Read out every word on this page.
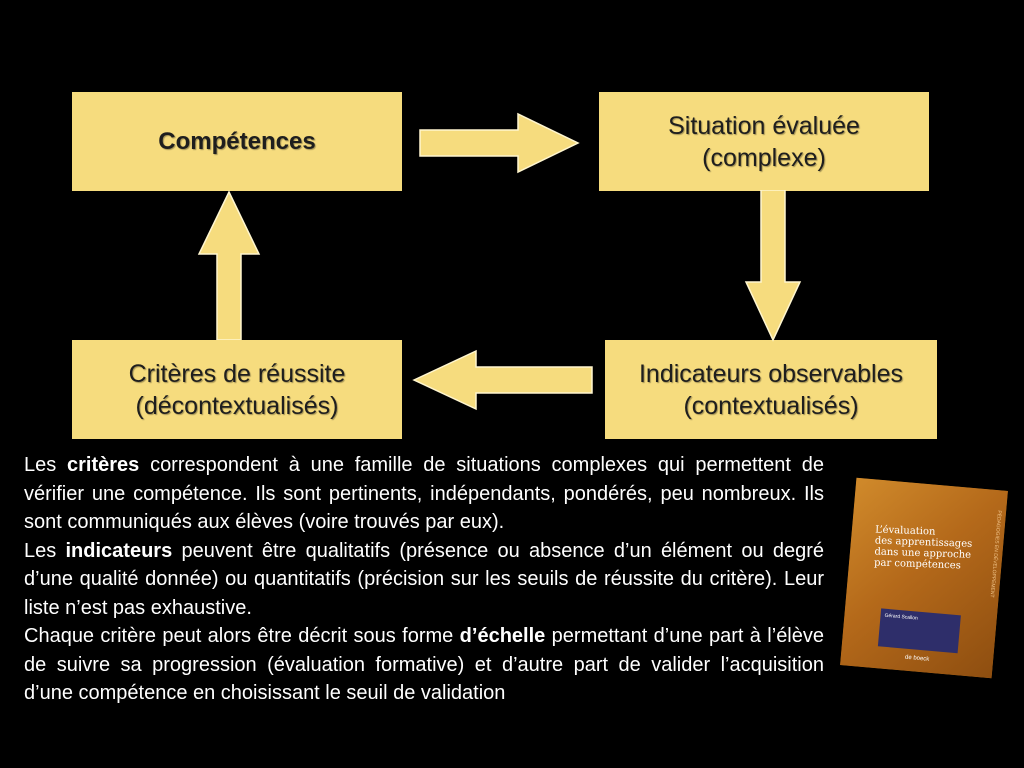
Compétences
Situation évaluée
(complexe)
Critères de réussite
(décontextualisés)
Indicateurs observables
(contextualisés)

Les critères correspondent à une famille de situations complexes qui permettent de vérifier une compétence. Ils sont pertinents, indépendants, pondérés, peu nombreux. Ils sont communiqués aux élèves (voire trouvés par eux).

Les indicateurs peuvent être qualitatifs (présence ou absence d’un élément ou degré d’une qualité donnée) ou quantitatifs (précision sur les seuils de réussite du critère). Leur liste n’est pas exhaustive.

Chaque critère peut alors être décrit sous forme d’échelle permettant d’une part à l’élève de suivre sa progression (évaluation formative) et d’autre part de valider l’acquisition d’une compétence en choisissant le seuil de validation

L’évaluation
des apprentissages
dans une approche
par compétences
Gérard Scallon
PÉDAGOGIES EN DÉVELOPPEMENT
de boeck
